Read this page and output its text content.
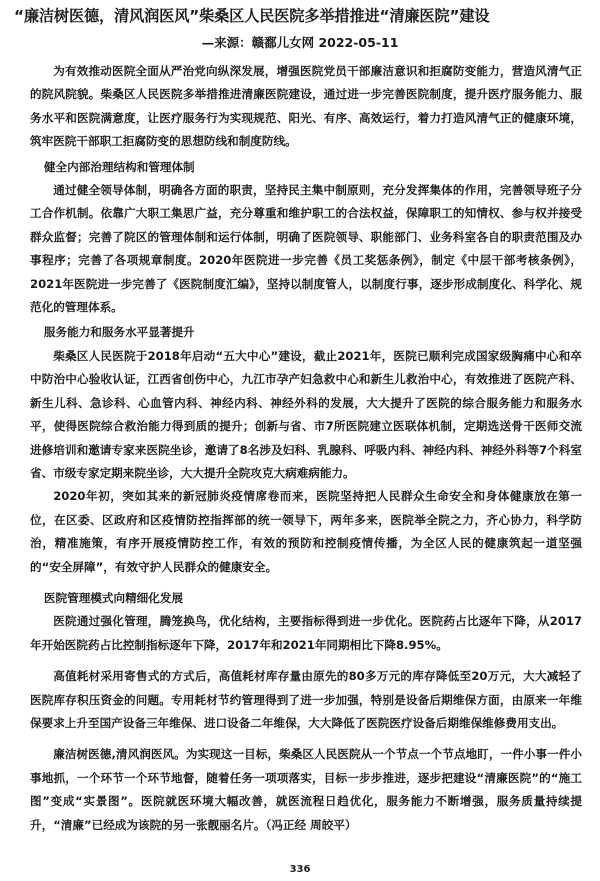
“廉洁树医德，清风润医风”柴桑区人民医院多举措推进“清廉医院”建设
—来源：赣鄱儿女网 2022-05-11

为有效推动医院全面从严治党向纵深发展，增强医院党员干部廉洁意识和拒腐防变能力，营造风清气正的院风院貌。柴桑区人民医院多举措推进清廉医院建设，通过进一步完善医院制度，提升医疗服务能力、服务水平和医院满意度，让医疗服务行为实现规范、阳光、有序、高效运行，着力打造风清气正的健康环境，筑牢医院干部职工拒腐防变的思想防线和制度防线。

健全内部治理结构和管理体制

通过健全领导体制，明确各方面的职责，坚持民主集中制原则，充分发挥集体的作用，完善领导班子分工合作机制。依靠广大职工集思广益，充分尊重和维护职工的合法权益，保障职工的知情权、参与权并接受群众监督；完善了院区的管理体制和运行体制，明确了医院领导、职能部门、业务科室各自的职责范围及办事程序；完善了各项规章制度。2020年医院进一步完善《员工奖惩条例》，制定《中层干部考核条例》，2021年医院进一步完善了《医院制度汇编》，坚持以制度管人，以制度行事，逐步形成制度化、科学化、规范化的管理体系。

服务能力和服务水平显著提升

柴桑区人民医院于2018年启动“五大中心”建设，截止2021年，医院已顺利完成国家级胸痛中心和卒中防治中心验收认证，江西省创伤中心，九江市孕产妇急救中心和新生儿救治中心，有效推进了医院产科、新生儿科、急诊科、心血管内科、神经内科、神经外科的发展，大大提升了医院的综合服务能力和服务水平，使得医院综合救治能力得到质的提升；创新与省、市7所医院建立医联体机制，定期选送骨干医师交流进修培训和邀请专家来医院坐诊，邀请了8名涉及妇科、乳腺科、呼吸内科、神经内科、神经外科等7个科室省、市级专家定期来院坐诊，大大提升全院攻克大病难病能力。

2020年初，突如其来的新冠肺炎疫情席卷而来，医院坚持把人民群众生命安全和身体健康放在第一位，在区委、区政府和区疫情防控指挥部的统一领导下，两年多来，医院举全院之力，齐心协力，科学防治，精准施策，有序开展疫情防控工作，有效的预防和控制疫情传播，为全区人民的健康筑起一道坚强的“安全屏障”，有效守护人民群众的健康安全。

医院管理模式向精细化发展

医院通过强化管理，腾笼换鸟，优化结构，主要指标得到进一步优化。医院药占比逐年下降，从2017年开始医院药占比控制指标逐年下降，2017年和2021年同期相比下降8.95%。

高值耗材采用寄售式的方式后，高值耗材库存量由原先的80多万元的库存降低至20万元，大大减轻了医院库存积压资金的问题。专用耗材节约管理得到了进一步加强，特别是设备后期维保方面，由原来一年维保要求上升至国产设备三年维保、进口设备二年维保，大大降低了医院医疗设备后期维保维修费用支出。

廉洁树医德,清风润医风。为实现这一目标，柴桑区人民医院从一个节点一个节点地盯，一件小事一件小事地抓，一个环节一个环节地督，随着任务一项项落实，目标一步步推进，逐步把建设“清廉医院”的“施工图”变成“实景图”。医院就医环境大幅改善，就医流程日趋优化，服务能力不断增强，服务质量持续提升，“清廉”已经成为该院的另一张靓丽名片。（冯正经 周皎平）

336
